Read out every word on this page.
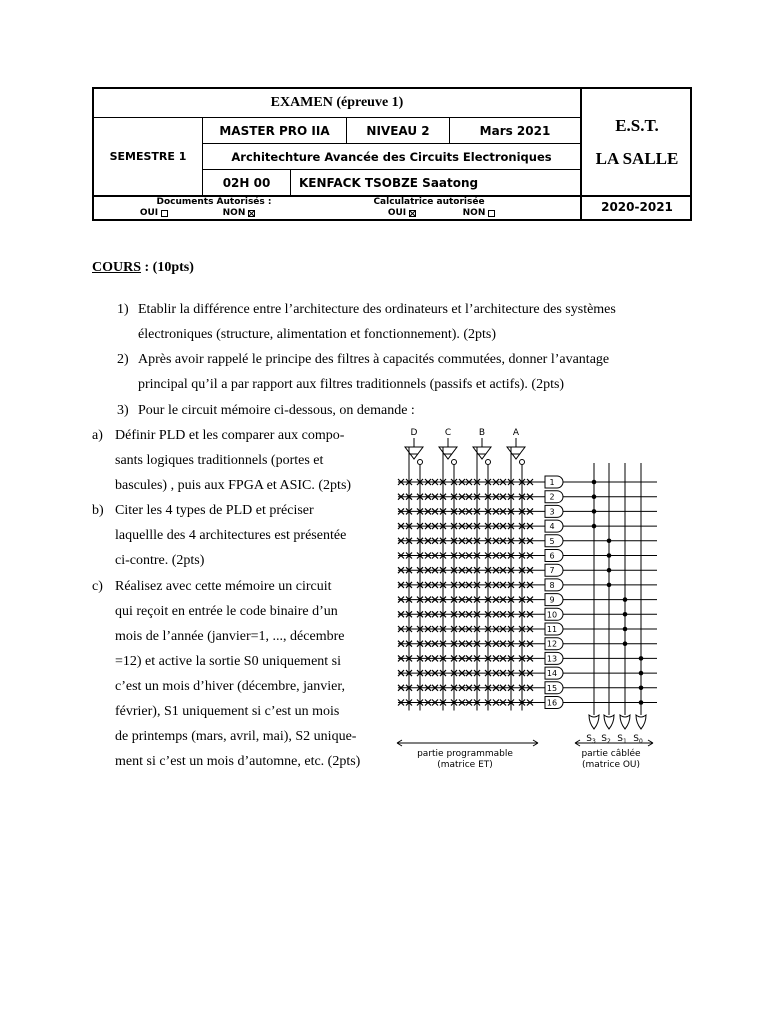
EXAMEN (épreuve 1)
SEMESTRE 1
MASTER PRO IIA	NIVEAU 2	Mars 2021
Architechture Avancée des Circuits Electroniques
02H 00	KENFACK TSOBZE Saatong
E.S.T.
LA SALLE
2020-2021
Documents Autorisés :
OUI	NON
Calculatrice autorisée
OUI	NON
COURS : (10pts)
1) Etablir la différence entre l’architecture des ordinateurs et l’architecture des systèmes
électroniques (structure, alimentation et fonctionnement). (2pts)
2) Après avoir rappelé le principe des filtres à capacités commutées, donner l’avantage
principal qu’il a par rapport aux filtres traditionnels (passifs et actifs). (2pts)
3) Pour le circuit mémoire ci-dessous, on demande :
a) Définir PLD et les comparer aux compo-
sants logiques traditionnels (portes et
bascules) , puis aux FPGA et ASIC. (2pts)
b) Citer les 4 types de PLD et préciser
laquellle des 4 architectures est présentée
ci-contre. (2pts)
c) Réalisez avec cette mémoire un circuit
qui reçoit en entrée le code binaire d’un
mois de l’année (janvier=1, ..., décembre
=12) et active la sortie S0 uniquement si
c’est un mois d’hiver (décembre, janvier,
février), S1 uniquement si c’est un mois
de printemps (mars, avril, mai), S2 unique-
ment si c’est un mois d’automne, etc. (2pts)
D	C	B	A
1
2
3
4
5
6
7
8
9
10
11
12
13
14
15
16
$S_3$ $S_2$ $S_1$ $S_0$
partie programmable
(matrice ET)
partie câblée
(matrice OU)
